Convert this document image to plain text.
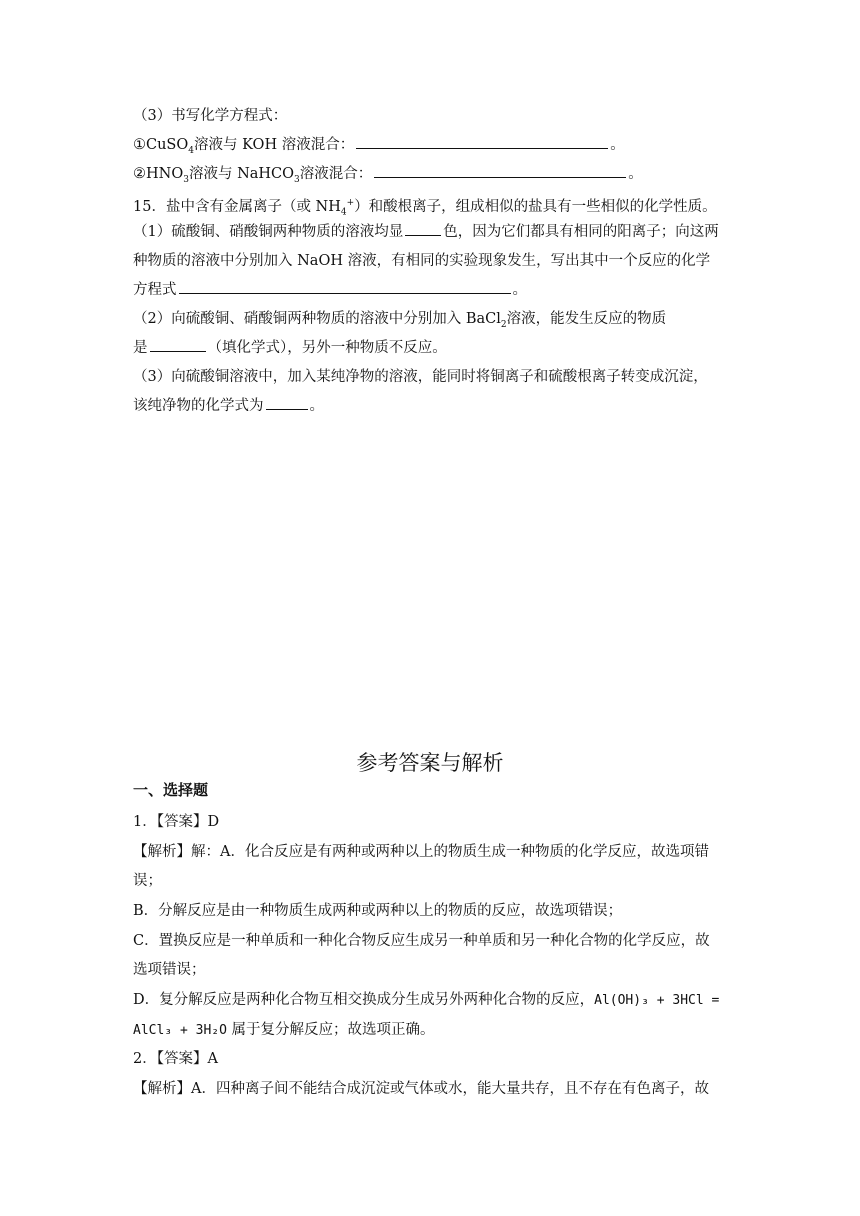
（3）书写化学方程式：
①CuSO$_4$溶液与 KOH 溶液混合：	。
$②HNO_3$溶液与 NaHCO$_3$溶液混合：	。
15．盐中含有金属离子（或 $NH_4^+$）和酸根离子，组成相似的盐具有一些相似的化学性质。
（1）硫酸铜、硝酸铜两种物质的溶液均显	色，因为它们都具有相同的阳离子；向这两
种物质的溶液中分别加入 NaOH 溶液，有相同的实验现象发生，写出其中一个反应的化学
方程式	。
（2）向硫酸铜、硝酸铜两种物质的溶液中分别加入 BaCl$_2$溶液，能发生反应的物质
是	（填化学式），另外一种物质不反应。
（3）向硫酸铜溶液中，加入某纯净物的溶液，能同时将铜离子和硫酸根离子转变成沉淀，
该纯净物的化学式为	。
参考答案与解析
一、选择题
1．【答案】D
【解析】解：A．化合反应是有两种或两种以上的物质生成一种物质的化学反应，故选项错
误；
B．分解反应是由一种物质生成两种或两种以上的物质的反应，故选项错误；
C．置换反应是一种单质和一种化合物反应生成另一种单质和另一种化合物的化学反应，故
选项错误；
D．复分解反应是两种化合物互相交换成分生成另外两种化合物的反应，Al(OH)₃ + 3HCl =
AlCl₃ + 3H₂O 属于复分解反应；故选项正确。
2．【答案】A
【解析】A．四种离子间不能结合成沉淀或气体或水，能大量共存，且不存在有色离子，故
